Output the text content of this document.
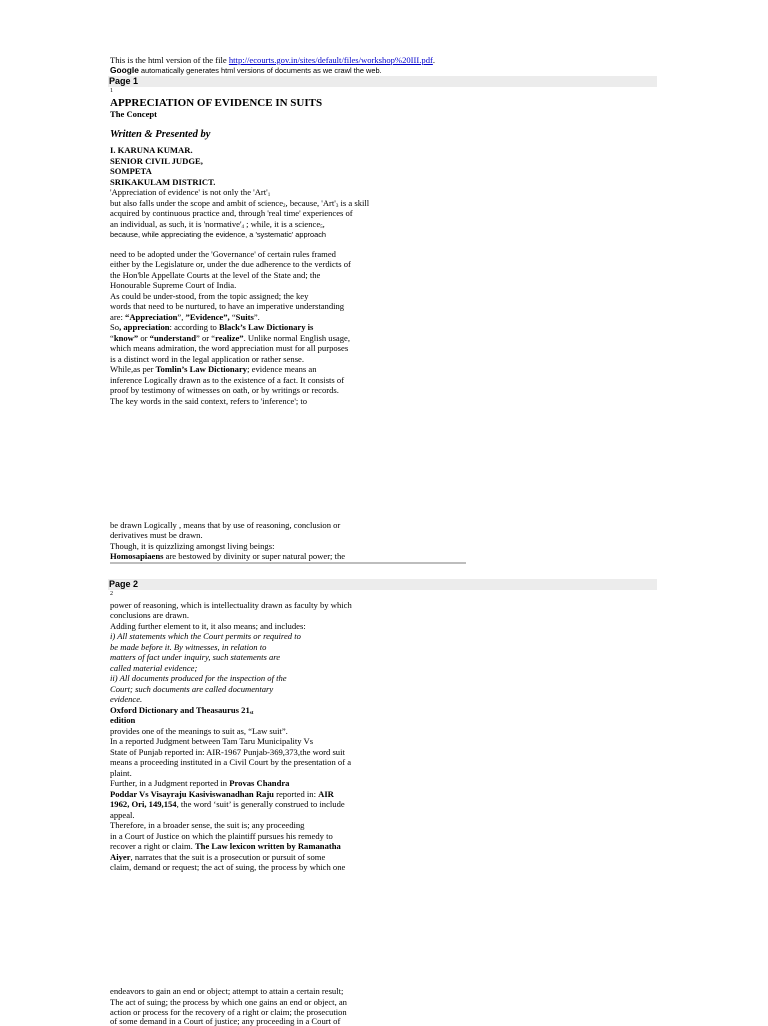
This is the html version of the file http://ecourts.gov.in/sites/default/files/workshop%20III.pdf.
Google automatically generates html versions of documents as we crawl the web.
Page 1
1
APPRECIATION OF EVIDENCE IN SUITS
The Concept
Written & Presented by
I. KARUNA KUMAR.
SENIOR CIVIL JUDGE,
SOMPETA
SRIKAKULAM DISTRICT.
'Appreciation of evidence' is not only the '$Art'_1$
but also falls under the scope and ambit of science$_2$, because, '$Art'_3$ is a skill
acquired by continuous practice and, through 'real time' experiences of
an individual, as such, it is '$normative'_4$ ; while, it is a science$_5$,
because, while appreciating the evidence, a 'systematic' approach
need to be adopted under the 'Governance' of certain rules framed
either by the Legislature or, under the due adherence to the verdicts of
the Hon'ble Appellate Courts at the level of the State and; the
Honourable Supreme Court of India.
As could be under-stood, from the topic assigned; the key
words that need to be nurtured, to have an imperative understanding
are: “Appreciation”, ”Evidence”, “Suits”.
So, appreciation: according to Black’s Law Dictionary is
“know” or “understand” or “realize”. Unlike normal English usage,
which means admiration, the word appreciation must for all purposes
is a distinct word in the legal application or rather sense.
While,as per Tomlin’s Law Dictionary; evidence means an
inference Logically drawn as to the existence of a fact. It consists of
proof by testimony of witnesses on oath, or by writings or records.
The key words in the said context, refers to 'inference'; to
be drawn Logically , means that by use of reasoning, conclusion or
derivatives must be drawn.
Though, it is quizzlizing amongst living beings:
Homosapiaens are bestowed by divinity or super natural power; the
Page 2
2
power of reasoning, which is intellectuality drawn as faculty by which
conclusions are drawn.
Adding further element to it, it also means; and includes:
i) All statements which the Court permits or required to
be made before it. By witnesses, in relation to
matters of fact under inquiry, such statements are
called material evidence;
ii) All documents produced for the inspection of the
Court; such documents are called documentary
evidence.
Oxford Dictionary and Theasaurus $21_{st}$
edition
provides one of the meanings to suit as, “Law suit”.
In a reported Judgment between Tam Taru Municipality Vs
State of Punjab reported in: AIR-1967 Punjab-369,373,the word suit
means a proceeding instituted in a Civil Court by the presentation of a
plaint.
Further, in a Judgment reported in Provas Chandra
Poddar Vs Visayraju Kasiviswanadhan Raju reported in: AIR
1962, Ori, 149,154, the word ‘suit’ is generally construed to include
appeal.
Therefore, in a broader sense, the suit is; any proceeding
in a Court of Justice on which the plaintiff pursues his remedy to
recover a right or claim. The Law lexicon written by Ramanatha
Aiyer, narrates that the suit is a prosecution or pursuit of some
claim, demand or request; the act of suing, the process by which one
endeavors to gain an end or object; attempt to attain a certain result;
The act of suing; the process by which one gains an end or object, an
action or process for the recovery of a right or claim; the prosecution
of some demand in a Court of justice; any proceeding in a Court of
